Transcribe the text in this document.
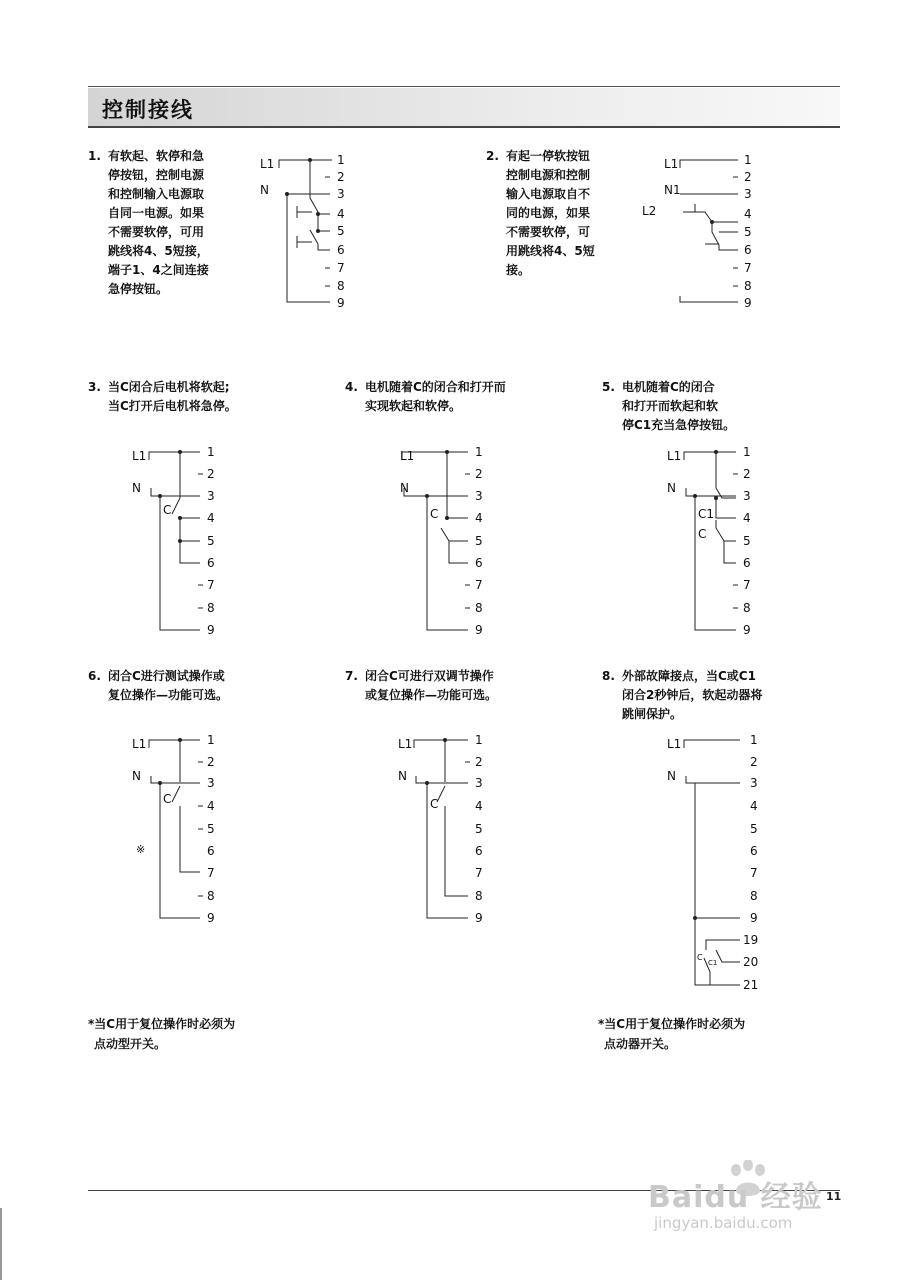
控制接线
1. 有软起、软停和急
停按钮，控制电源
和控制输入电源取
自同一电源。如果
不需要软停，可用
跳线将4、5短接，
端子1、4之间连接
急停按钮。
2. 有起一停软按钮
控制电源和控制
输入电源取自不
同的电源，如果
不需要软停，可
用跳线将4、5短
接。
3. 当C闭合后电机将软起;
当C打开后电机将急停。
4. 电机随着C的闭合和打开而
实现软起和软停。
5. 电机随着C的闭合
和打开而软起和软
停C1充当急停按钮。
6. 闭合C进行测试操作或
复位操作—功能可选。
7. 闭合C可进行双调节操作
或复位操作—功能可选。
8. 外部故障接点，当C或C1
闭合2秒钟后，软起动器将
跳闸保护。
L1
N
1
2
3
4
5
6
7
8
9
L1
N1
L2
1
2
3
4
5
6
7
8
9
L1
N
C
1
2
3
4
5
6
7
8
9
L1
N
C
1
2
3
4
5
6
7
8
9
L1
N
C1
C
1
2
3
4
5
6
7
8
9
L1
N
C
※
1
2
3
4
5
6
7
8
9
L1
N
C
1
2
3
4
5
6
7
8
9
L1
N
C
C1
1
2
3
4
5
6
7
8
9
19
20
21
*当C用于复位操作时必须为
点动型开关。
*当C用于复位操作时必须为
点动器开关。
11
Baidu 经验
jingyan.baidu.com
